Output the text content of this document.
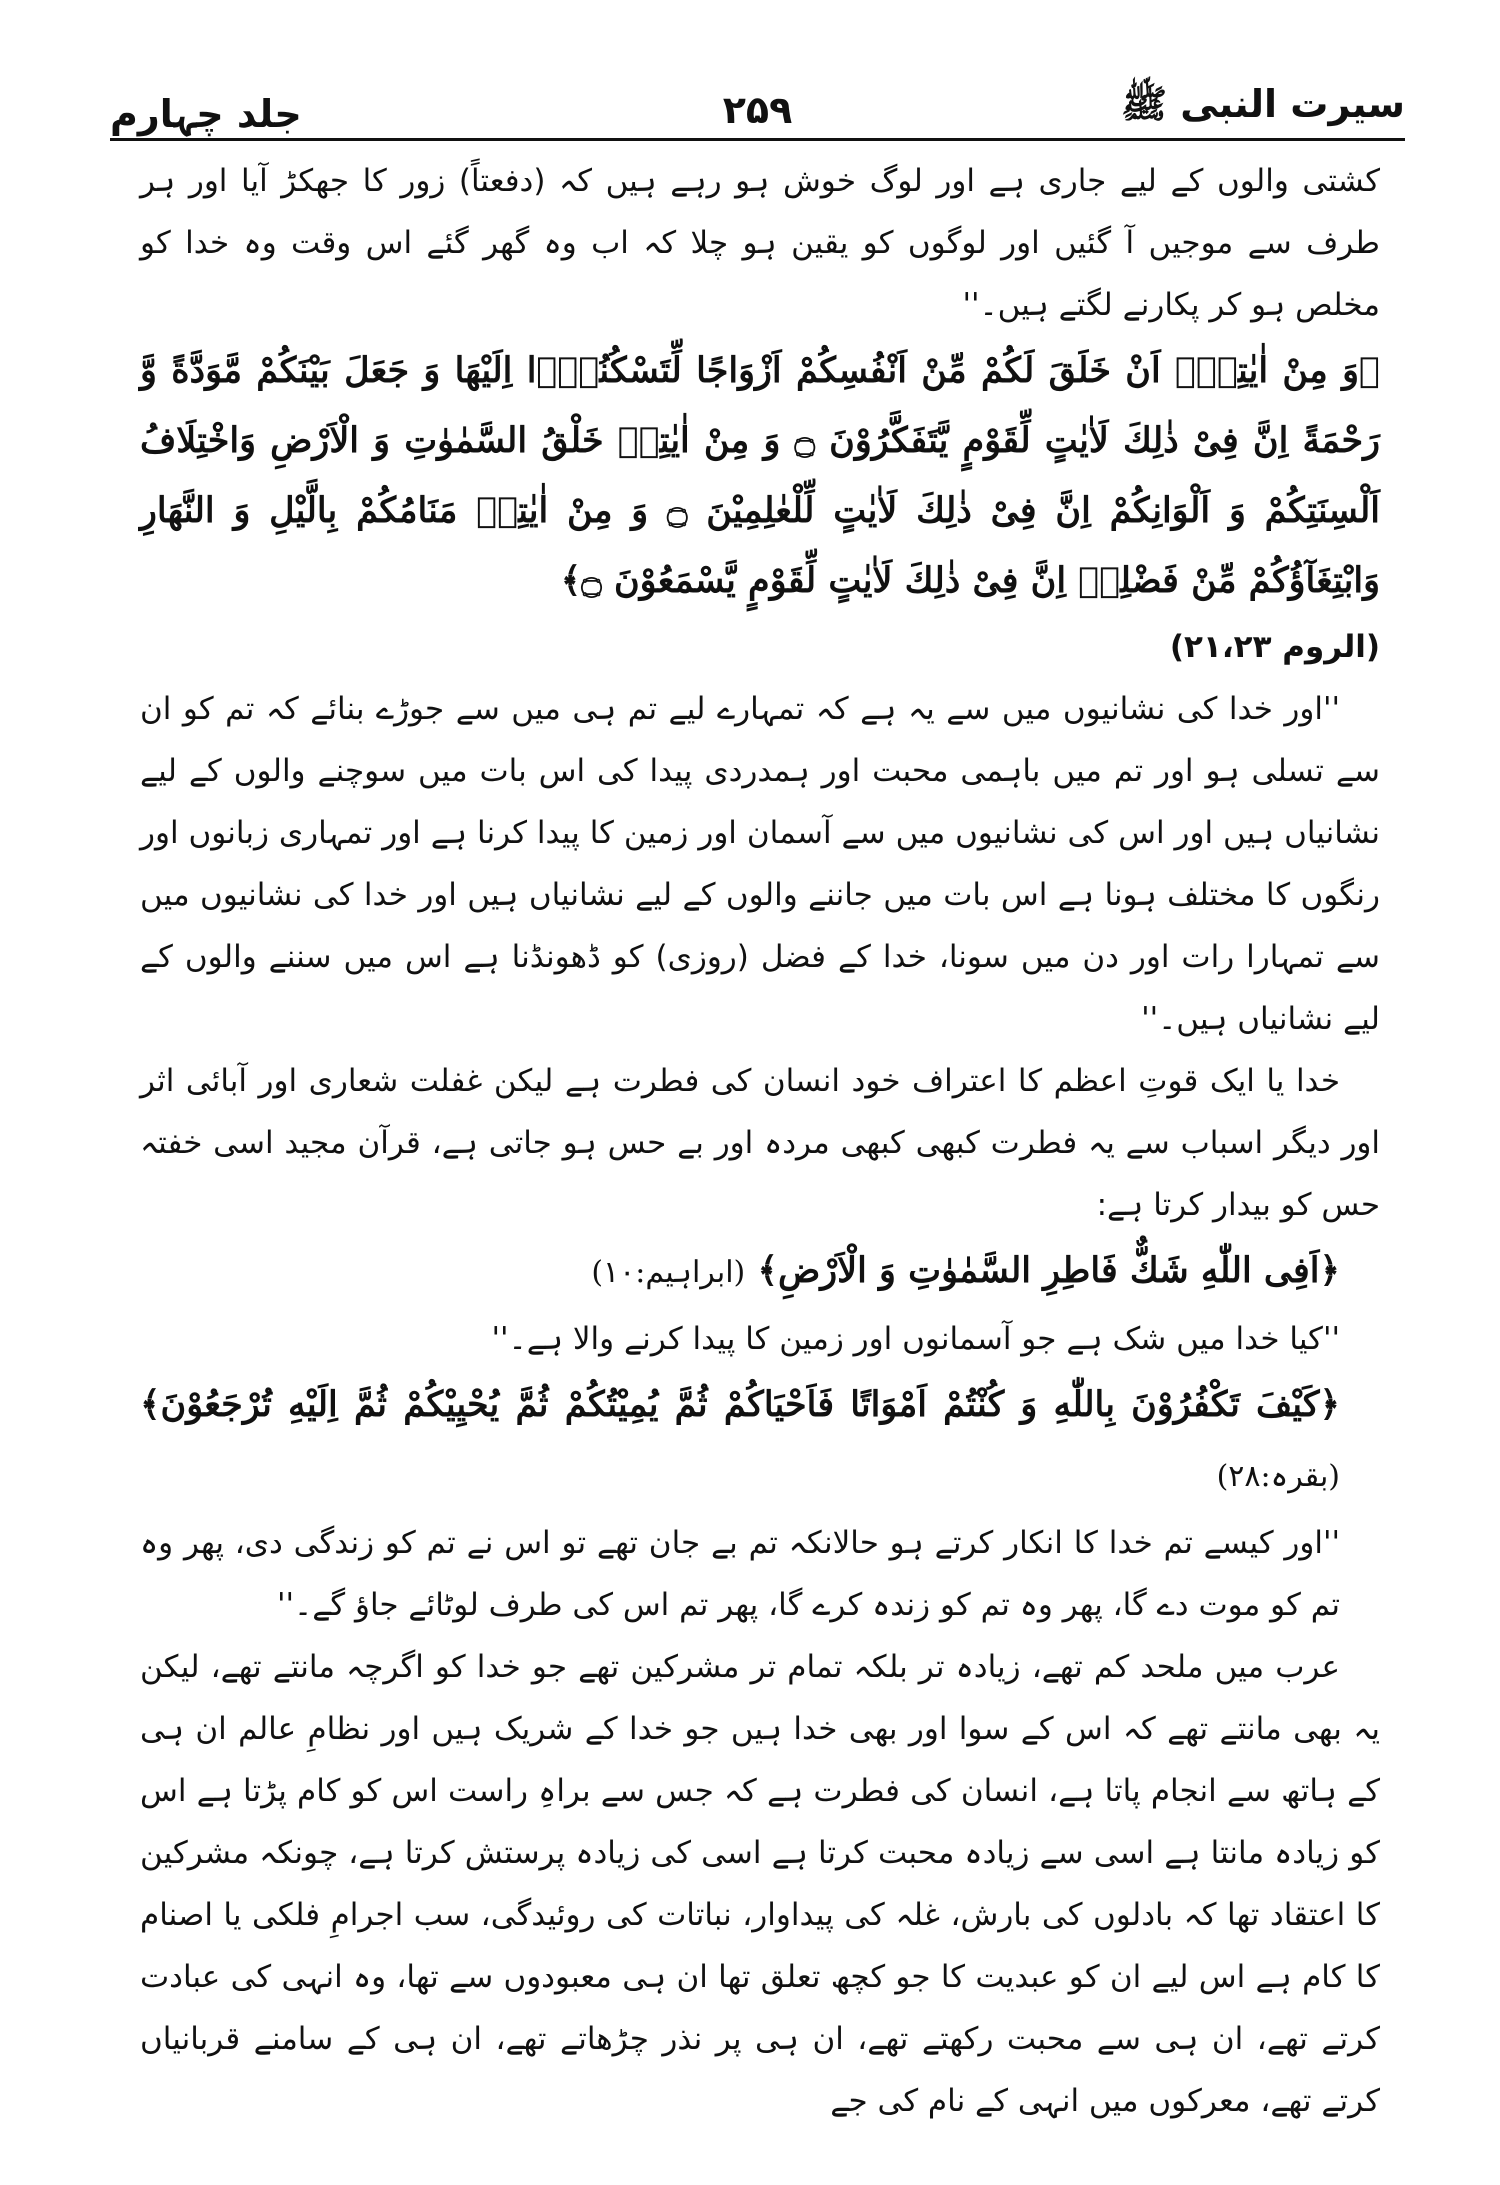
سیرت النبی ﷺ
۲۵۹
جلد چہارم

کشتی والوں کے لیے جاری ہے اور لوگ خوش ہو رہے ہیں کہ (دفعتاً) زور کا جھکڑ آیا اور ہر طرف سے موجیں آ گئیں اور لوگوں کو یقین ہو چلا کہ اب وہ گھر گئے اس وقت وہ خدا کو مخلص ہو کر پکارنے لگتے ہیں۔''

﴿وَ مِنْ اٰیٰتِهٖۤ اَنْ خَلَقَ لَكُمْ مِّنْ اَنْفُسِكُمْ اَزْوَاجًا لِّتَسْكُنُوْۤا اِلَیْهَا وَ جَعَلَ بَیْنَكُمْ مَّوَدَّةً وَّ رَحْمَةً اِنَّ فِیْ ذٰلِكَ لَاٰیٰتٍ لِّقَوْمٍ یَّتَفَكَّرُوْنَ ۝ وَ مِنْ اٰیٰتِهٖ خَلْقُ السَّمٰوٰتِ وَ الْاَرْضِ وَاخْتِلَافُ اَلْسِنَتِكُمْ وَ اَلْوَانِكُمْ اِنَّ فِیْ ذٰلِكَ لَاٰیٰتٍ لِّلْعٰلِمِیْنَ ۝ وَ مِنْ اٰیٰتِهٖ مَنَامُكُمْ بِالَّیْلِ وَ النَّهَارِ وَابْتِغَآؤُكُمْ مِّنْ فَضْلِهٖ اِنَّ فِیْ ذٰلِكَ لَاٰیٰتٍ لِّقَوْمٍ یَّسْمَعُوْنَ ۝﴾

(الروم ۲۱،۲۳)

''اور خدا کی نشانیوں میں سے یہ ہے کہ تمہارے لیے تم ہی میں سے جوڑے بنائے کہ تم کو ان سے تسلی ہو اور تم میں باہمی محبت اور ہمدردی پیدا کی اس بات میں سوچنے والوں کے لیے نشانیاں ہیں اور اس کی نشانیوں میں سے آسمان اور زمین کا پیدا کرنا ہے اور تمہاری زبانوں اور رنگوں کا مختلف ہونا ہے اس بات میں جاننے والوں کے لیے نشانیاں ہیں اور خدا کی نشانیوں میں سے تمہارا رات اور دن میں سونا، خدا کے فضل (روزی) کو ڈھونڈنا ہے اس میں سننے والوں کے لیے نشانیاں ہیں۔''

خدا یا ایک قوتِ اعظم کا اعتراف خود انسان کی فطرت ہے لیکن غفلت شعاری اور آبائی اثر اور دیگر اسباب سے یہ فطرت کبھی کبھی مردہ اور بے حس ہو جاتی ہے، قرآن مجید اسی خفتہ حس کو بیدار کرتا ہے:

﴿اَفِی اللّٰهِ شَكٌّ فَاطِرِ السَّمٰوٰتِ وَ الْاَرْضِ﴾ (ابراہیم:۱۰)

''کیا خدا میں شک ہے جو آسمانوں اور زمین کا پیدا کرنے والا ہے۔''

﴿كَیْفَ تَكْفُرُوْنَ بِاللّٰهِ وَ كُنْتُمْ اَمْوَاتًا فَاَحْیَاكُمْ ثُمَّ یُمِیْتُكُمْ ثُمَّ یُحْیِیْكُمْ ثُمَّ اِلَیْهِ تُرْجَعُوْنَ﴾ (بقرہ:۲۸)

''اور کیسے تم خدا کا انکار کرتے ہو حالانکہ تم بے جان تھے تو اس نے تم کو زندگی دی، پھر وہ تم کو موت دے گا، پھر وہ تم کو زندہ کرے گا، پھر تم اس کی طرف لوٹائے جاؤ گے۔''

عرب میں ملحد کم تھے، زیادہ تر بلکہ تمام تر مشرکین تھے جو خدا کو اگرچہ مانتے تھے، لیکن یہ بھی مانتے تھے کہ اس کے سوا اور بھی خدا ہیں جو خدا کے شریک ہیں اور نظامِ عالم ان ہی کے ہاتھ سے انجام پاتا ہے، انسان کی فطرت ہے کہ جس سے براہِ راست اس کو کام پڑتا ہے اس کو زیادہ مانتا ہے اسی سے زیادہ محبت کرتا ہے اسی کی زیادہ پرستش کرتا ہے، چونکہ مشرکین کا اعتقاد تھا کہ بادلوں کی بارش، غلہ کی پیداوار، نباتات کی روئیدگی، سب اجرامِ فلکی یا اصنام کا کام ہے اس لیے ان کو عبدیت کا جو کچھ تعلق تھا ان ہی معبودوں سے تھا، وہ انہی کی عبادت کرتے تھے، ان ہی سے محبت رکھتے تھے، ان ہی پر نذر چڑھاتے تھے، ان ہی کے سامنے قربانیاں کرتے تھے، معرکوں میں انہی کے نام کی جے
